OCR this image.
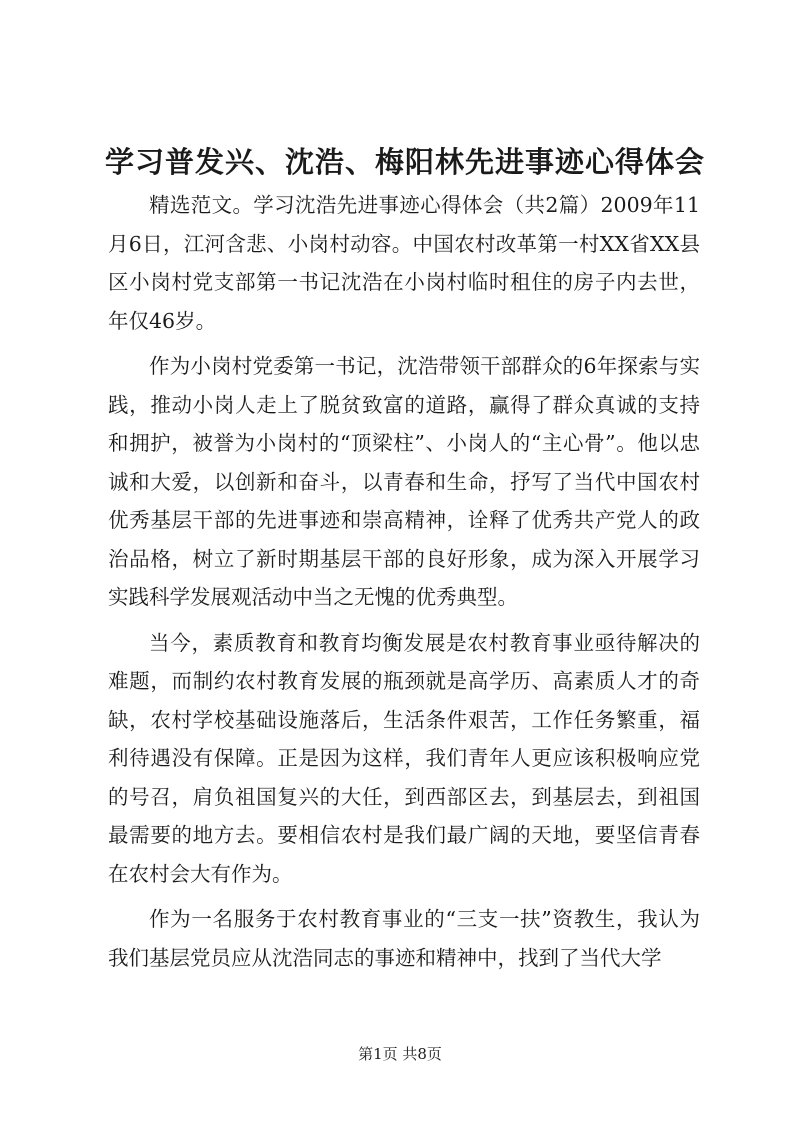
学习普发兴、沈浩、梅阳林先进事迹心得体会

精选范文。学习沈浩先进事迹心得体会（共2篇）2009年11月6日，江河含悲、小岗村动容。中国农村改革第一村XX省XX县区小岗村党支部第一书记沈浩在小岗村临时租住的房子内去世，年仅46岁。

作为小岗村党委第一书记，沈浩带领干部群众的6年探索与实践，推动小岗人走上了脱贫致富的道路，赢得了群众真诚的支持和拥护，被誉为小岗村的“顶梁柱”、小岗人的“主心骨”。他以忠诚和大爱，以创新和奋斗，以青春和生命，抒写了当代中国农村优秀基层干部的先进事迹和崇高精神，诠释了优秀共产党人的政治品格，树立了新时期基层干部的良好形象，成为深入开展学习实践科学发展观活动中当之无愧的优秀典型。

当今，素质教育和教育均衡发展是农村教育事业亟待解决的难题，而制约农村教育发展的瓶颈就是高学历、高素质人才的奇缺，农村学校基础设施落后，生活条件艰苦，工作任务繁重，福利待遇没有保障。正是因为这样，我们青年人更应该积极响应党的号召，肩负祖国复兴的大任，到西部区去，到基层去，到祖国最需要的地方去。要相信农村是我们最广阔的天地，要坚信青春在农村会大有作为。

作为一名服务于农村教育事业的“三支一扶”资教生，我认为我们基层党员应从沈浩同志的事迹和精神中，找到了当代大学

第1页 共8页
